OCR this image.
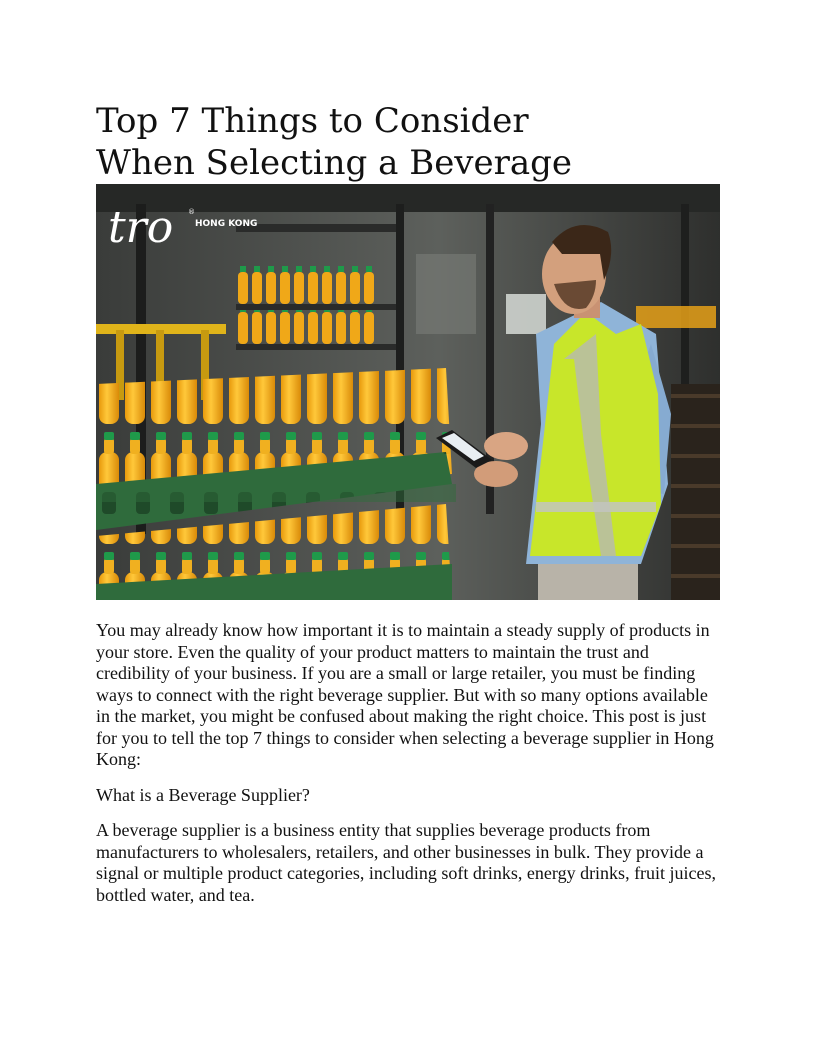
Top 7 Things to Consider
When Selecting a Beverage
tro ®
HONG KONG

You may already know how important it is to maintain a steady supply of products in your store. Even the quality of your product matters to maintain the trust and credibility of your business. If you are a small or large retailer, you must be finding ways to connect with the right beverage supplier. But with so many options available in the market, you might be confused about making the right choice. This post is just for you to tell the top 7 things to consider when selecting a beverage supplier in Hong Kong:

What is a Beverage Supplier?

A beverage supplier is a business entity that supplies beverage products from manufacturers to wholesalers, retailers, and other businesses in bulk. They provide a signal or multiple product categories, including soft drinks, energy drinks, fruit juices, bottled water, and tea.
